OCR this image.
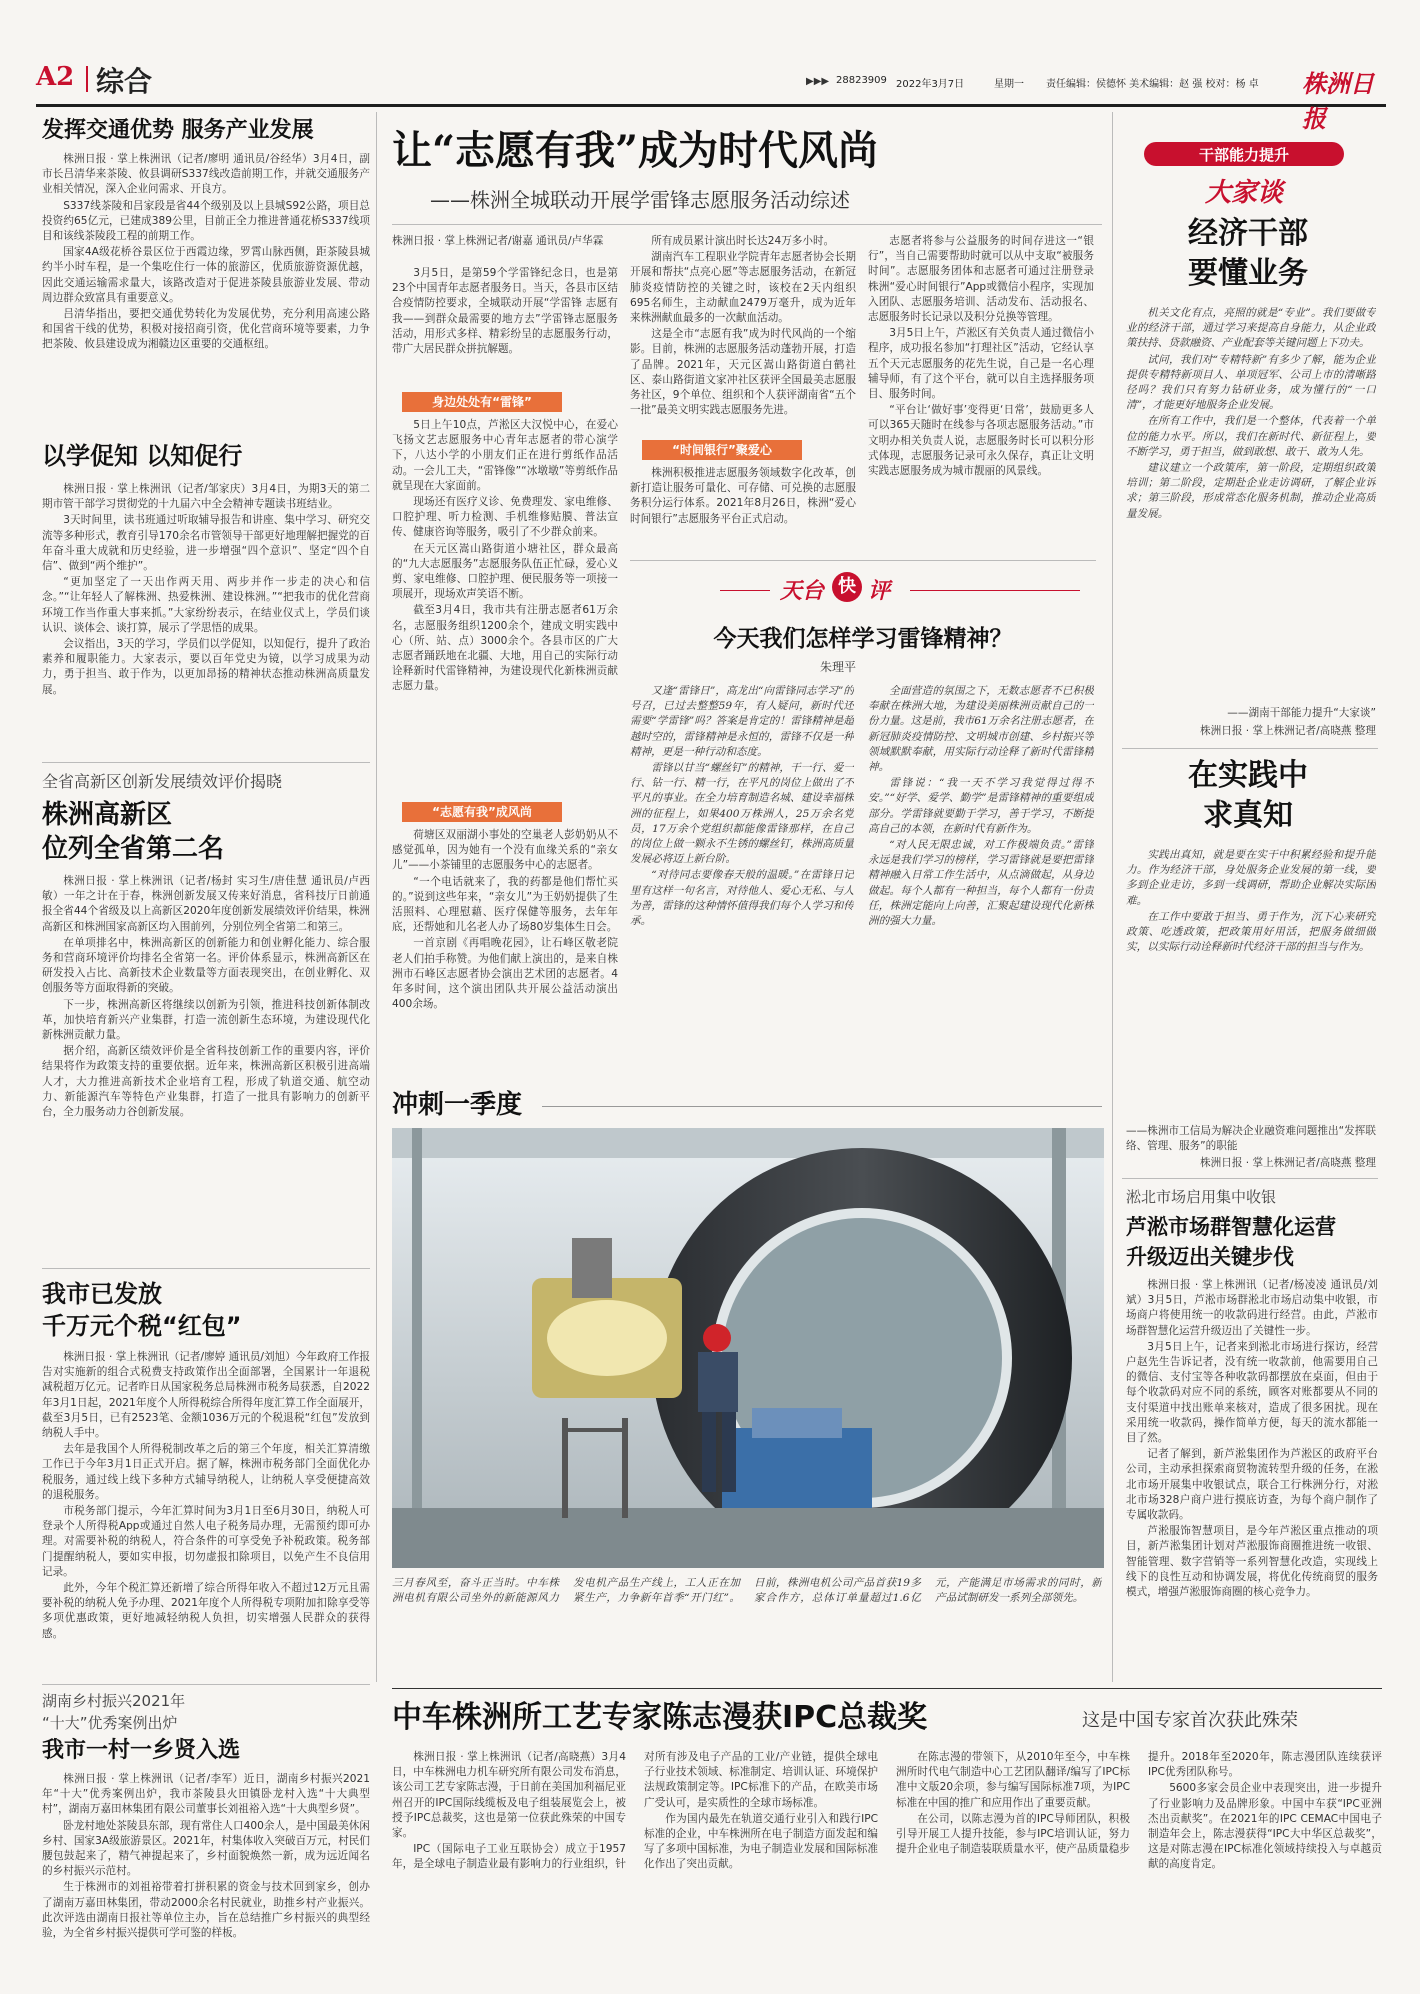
A2 综合	▶▶▶ 28823909 2022年3月7日	星期一 责任编辑：侯德怀 美术编辑：赵 强 校对：杨 卓 株洲日报
发挥交通优势 服务产业发展

株洲日报 · 掌上株洲讯（记者/廖明 通讯员/谷经华）3月4日，副市长吕清华来茶陵、攸县调研S337线改造前期工作，并就交通服务产业相关情况，深入企业问需求、开良方。

S337线茶陵和吕家段是省44个级别及以上县城S92公路，项目总投资约65亿元，已建成389公里，目前正全力推进普通花桥S337线项目和该线茶陵段工程的前期工作。

国家4A级花桥谷景区位于西霞边缘，罗霄山脉西侧，距茶陵县城约半小时车程，是一个集吃住行一体的旅游区，优质旅游资源优越，因此交通运输需求量大，该路改造对于促进茶陵县旅游业发展、带动周边群众致富具有重要意义。

吕清华指出，要把交通优势转化为发展优势，充分利用高速公路和国省干线的优势，积极对接招商引资，优化营商环境等要素，力争把茶陵、攸县建设成为湘赣边区重要的交通枢纽。

以学促知 以知促行

株洲日报 · 掌上株洲讯（记者/邹家庆）3月4日，为期3天的第二期市管干部学习贯彻党的十九届六中全会精神专题读书班结业。

3天时间里，读书班通过听取辅导报告和讲座、集中学习、研究交流等多种形式，教育引导170余名市管领导干部更好地理解把握党的百年奋斗重大成就和历史经验，进一步增强“四个意识”、坚定“四个自信”、做到“两个维护”。

“更加坚定了一天出作两天用、两步并作一步走的决心和信念。”“让年轻人了解株洲、热爱株洲、建设株洲。”“把我市的优化营商环境工作当作重大事来抓。”大家纷纷表示，在结业仪式上，学员们谈认识、谈体会、谈打算，展示了学思悟的成果。

会议指出，3天的学习，学员们以学促知，以知促行，提升了政治素养和履职能力。大家表示，要以百年党史为镜，以学习成果为动力，勇于担当、敢于作为，以更加昂扬的精神状态推动株洲高质量发展。

全省高新区创新发展绩效评价揭晓
株洲高新区
位列全省第二名

株洲日报 · 掌上株洲讯（记者/杨封 实习生/唐佳慧 通讯员/卢西敏）一年之计在于春，株洲创新发展又传来好消息，省科技厅日前通报全省44个省级及以上高新区2020年度创新发展绩效评价结果，株洲高新区和株洲国家高新区均入围前列，分别位列全省第二和第三。

在单项排名中，株洲高新区的创新能力和创业孵化能力、综合服务和营商环境评价均排名全省第一名。评价体系显示，株洲高新区在研发投入占比、高新技术企业数量等方面表现突出，在创业孵化、双创服务等方面取得新的突破。

下一步，株洲高新区将继续以创新为引领，推进科技创新体制改革，加快培育新兴产业集群，打造一流创新生态环境，为建设现代化新株洲贡献力量。

据介绍，高新区绩效评价是全省科技创新工作的重要内容，评价结果将作为政策支持的重要依据。近年来，株洲高新区积极引进高端人才，大力推进高新技术企业培育工程，形成了轨道交通、航空动力、新能源汽车等特色产业集群，打造了一批具有影响力的创新平台，全力服务动力谷创新发展。

我市已发放
千万元个税“红包”

株洲日报 · 掌上株洲讯（记者/廖婷 通讯员/刘旭）今年政府工作报告对实施新的组合式税费支持政策作出全面部署，全国累计一年退税减税超万亿元。记者昨日从国家税务总局株洲市税务局获悉，自2022年3月1日起，2021年度个人所得税综合所得年度汇算工作全面展开，截至3月5日，已有2523笔、金额1036万元的个税退税“红包”发放到纳税人手中。

去年是我国个人所得税制改革之后的第三个年度，相关汇算清缴工作已于今年3月1日正式开启。据了解，株洲市税务部门全面优化办税服务，通过线上线下多种方式辅导纳税人，让纳税人享受便捷高效的退税服务。

市税务部门提示，今年汇算时间为3月1日至6月30日，纳税人可登录个人所得税App或通过自然人电子税务局办理，无需预约即可办理。对需要补税的纳税人，符合条件的可享受免予补税政策。税务部门提醒纳税人，要如实申报，切勿虚报扣除项目，以免产生不良信用记录。

此外，今年个税汇算还新增了综合所得年收入不超过12万元且需要补税的纳税人免予办理、2021年度个人所得税专项附加扣除享受等多项优惠政策，更好地减轻纳税人负担，切实增强人民群众的获得感。

湖南乡村振兴2021年
“十大”优秀案例出炉
我市一村一乡贤入选

株洲日报 · 掌上株洲讯（记者/李军）近日，湖南乡村振兴2021年“十大”优秀案例出炉，我市茶陵县火田镇卧龙村入选“十大典型村”，湖南万嘉田林集团有限公司董事长刘祖裕入选“十大典型乡贤”。

卧龙村地处茶陵县东部，现有常住人口400余人，是中国最美休闲乡村、国家3A级旅游景区。2021年，村集体收入突破百万元，村民们腰包鼓起来了，精气神提起来了，乡村面貌焕然一新，成为远近闻名的乡村振兴示范村。

生于株洲市的刘祖裕带着打拼积累的资金与技术回到家乡，创办了湖南万嘉田林集团，带动2000余名村民就业，助推乡村产业振兴。此次评选由湖南日报社等单位主办，旨在总结推广乡村振兴的典型经验，为全省乡村振兴提供可学可鉴的样板。

让“志愿有我”成为时代风尚
——株洲全城联动开展学雷锋志愿服务活动综述
株洲日报 · 掌上株洲记者/谢嘉 通讯员/卢华霖

3月5日，是第59个学雷锋纪念日，也是第23个中国青年志愿者服务日。当天，各县市区结合疫情防控要求，全城联动开展“学雷锋 志愿有我——到群众最需要的地方去”学雷锋志愿服务活动，用形式多样、精彩纷呈的志愿服务行动，带广大居民群众拼抗解题。

身边处处有“雷锋”

5日上午10点，芦淞区大汉悦中心，在爱心飞扬文艺志愿服务中心青年志愿者的带心演学下，八达小学的小朋友们正在进行剪纸作品活动。一会儿工夫，“雷锋像”“冰墩墩”等剪纸作品就呈现在大家面前。

现场还有医疗义诊、免费理发、家电维修、口腔护理、听力检测、手机维修贴膜、普法宣传、健康咨询等服务，吸引了不少群众前来。

在天元区嵩山路街道小塘社区，群众最高的“九大志愿服务”志愿服务队伍正忙碌，爱心义剪、家电维修、口腔护理、便民服务等一项接一项展开，现场欢声笑语不断。

截至3月4日，我市共有注册志愿者61万余名，志愿服务组织1200余个，建成文明实践中心（所、站、点）3000余个。各县市区的广大志愿者踊跃地在北疆、大地，用自己的实际行动诠释新时代雷锋精神，为建设现代化新株洲贡献志愿力量。

“志愿有我”成风尚

荷塘区双丽湖小事处的空巢老人彭奶奶从不感觉孤单，因为她有一个没有血缘关系的“亲女儿”——小茶铺里的志愿服务中心的志愿者。

“一个电话就来了，我的药都是他们帮忙买的。”说到这些年来，“亲女儿”为王奶奶提供了生活照料、心理慰藉、医疗保健等服务，去年年底，还帮她和儿名老人办了场80岁集体生日会。

一首京剧《再唱晚花园》，让石峰区敬老院老人们拍手称赞。为他们献上演出的，是来自株洲市石峰区志愿者协会演出艺术团的志愿者。4年多时间，这个演出团队共开展公益活动演出400余场。

所有成员累计演出时长达24万多小时。

湖南汽车工程职业学院青年志愿者协会长期开展和帮扶“点亮心愿”等志愿服务活动，在新冠肺炎疫情防控的关键之时，该校在2天内组织695名师生，主动献血2479万毫升，成为近年来株洲献血最多的一次献血活动。

这是全市“志愿有我”成为时代风尚的一个缩影。目前，株洲的志愿服务活动蓬勃开展，打造了品牌。2021年，天元区嵩山路街道白鹤社区、泰山路街道文家冲社区获评全国最美志愿服务社区，9个单位、组织和个人获评湖南省“五个一批”最美文明实践志愿服务先进。

“时间银行”聚爱心

株洲积极推进志愿服务领域数字化改革，创新打造让服务可量化、可存储、可兑换的志愿服务积分运行体系。2021年8月26日，株洲“爱心时间银行”志愿服务平台正式启动。

志愿者将参与公益服务的时间存进这一“银行”，当自己需要帮助时就可以从中支取“被服务时间”。志愿服务团体和志愿者可通过注册登录株洲“爱心时间银行”App或微信小程序，实现加入团队、志愿服务培训、活动发布、活动报名、志愿服务时长记录以及积分兑换等管理。

3月5日上午，芦淞区有关负责人通过微信小程序，成功报名参加“打理社区”活动，它经认享五个天元志愿服务的花先生说，自己是一名心理辅导师，有了这个平台，就可以自主选择服务项目、服务时间。

“平台让‘做好事’变得更‘日常’，鼓励更多人可以365天随时在线参与各项志愿服务活动。”市文明办相关负责人说，志愿服务时长可以积分形式体现，志愿服务记录可永久保存，真正让文明实践志愿服务成为城市靓丽的风景线。

天台 快 评
今天我们怎样学习雷锋精神？
朱理平

又逢“雷锋日”，高龙出“向雷锋同志学习”的号召，已过去整整59年，有人疑问，新时代还需要“学雷锋”吗？答案是肯定的！雷锋精神是超越时空的，雷锋精神是永恒的，雷锋不仅是一种精神，更是一种行动和态度。

雷锋以甘当“螺丝钉”的精神，干一行、爱一行、钻一行、精一行，在平凡的岗位上做出了不平凡的事业。在全力培育制造名城、建设幸福株洲的征程上，如果400万株洲人，25万余名党员，17万余个党组织都能像雷锋那样，在自己的岗位上做一颗永不生锈的螺丝钉，株洲高质量发展必将迈上新台阶。

“对待同志要像春天般的温暖。”在雷锋日记里有这样一句名言，对待他人、爱心无私、与人为善，雷锋的这种情怀值得我们每个人学习和传承。

全面营造的氛围之下，无数志愿者不已积极奉献在株洲大地，为建设美丽株洲贡献自己的一份力量。这是前，我市61万余名注册志愿者，在新冠肺炎疫情防控、文明城市创建、乡村振兴等领域默默奉献，用实际行动诠释了新时代雷锋精神。

雷锋说：“我一天不学习我觉得过得不安。”“好学、爱学、勤学”是雷锋精神的重要组成部分。学雷锋就要勤于学习，善于学习，不断提高自己的本领，在新时代有新作为。

“对人民无限忠诚，对工作极端负责。”雷锋永远是我们学习的榜样，学习雷锋就是要把雷锋精神融入日常工作生活中，从点滴做起，从身边做起。每个人都有一种担当，每个人都有一份责任，株洲定能向上向善，汇聚起建设现代化新株洲的强大力量。

冲刺一季度
三月春风至，奋斗正当时。中车株洲电机有限公司坐外的新能源风力发电机产品生产线上，工人正在加紧生产，力争新年首季“开门红”。日前，株洲电机公司产品首获19多家合作方，总体订单量超过1.6亿元，产能满足市场需求的同时，新产品试制研发一系列全部领先。
干部能力提升
大家谈
经济干部
要懂业务

机关文化有点，亮照的就是“专业”。我们要做专业的经济干部，通过学习来提高自身能力，从企业政策扶持、贷款融资、产业配套等关键问题上下功夫。

试问，我们对“专精特新”有多少了解，能为企业提供专精特新项目人、单项冠军、公司上市的清晰路径吗？我们只有努力钻研业务，成为懂行的“一口清”，才能更好地服务企业发展。

在所有工作中，我们是一个整体，代表着一个单位的能力水平。所以，我们在新时代、新征程上，要不断学习，勇于担当，做到敢想、敢干、敢为人先。

建议建立一个政策库，第一阶段，定期组织政策培训；第二阶段，定期赴企业走访调研，了解企业诉求；第三阶段，形成常态化服务机制，推动企业高质量发展。

——湖南干部能力提升“大家谈”
株洲日报 · 掌上株洲记者/高晓燕 整理
在实践中
求真知

实践出真知，就是要在实干中积累经验和提升能力。作为经济干部，身处服务企业发展的第一线，要多到企业走访，多到一线调研，帮助企业解决实际困难。

在工作中要敢于担当、勇于作为，沉下心来研究政策、吃透政策，把政策用好用活，把服务做细做实，以实际行动诠释新时代经济干部的担当与作为。

——株洲市工信局为解决企业融资难问题推出“发挥联络、管理、服务”的职能
株洲日报 · 掌上株洲记者/高晓燕 整理
淞北市场启用集中收银
芦淞市场群智慧化运营
升级迈出关键步伐

株洲日报 · 掌上株洲讯（记者/杨凌凌 通讯员/刘斌）3月5日，芦淞市场群淞北市场启动集中收银，市场商户将使用统一的收款码进行经营。由此，芦淞市场群智慧化运营升级迈出了关键性一步。

3月5日上午，记者来到淞北市场进行探访，经营户赵先生告诉记者，没有统一收款前，他需要用自己的微信、支付宝等各种收款码都摆放在桌面，但由于每个收款码对应不同的系统，顾客对账都要从不同的支付渠道中找出账单来核对，造成了很多困扰。现在采用统一收款码，操作简单方便，每天的流水都能一目了然。

记者了解到，新芦淞集团作为芦淞区的政府平台公司，主动承担探索商贸物流转型升级的任务，在淞北市场开展集中收银试点，联合工行株洲分行，对淞北市场328户商户进行摸底访查，为每个商户制作了专属收款码。

芦淞服饰智慧项目，是今年芦淞区重点推动的项目，新芦淞集团计划对芦淞服饰商圈推进统一收银、智能管理、数字营销等一系列智慧化改造，实现线上线下的良性互动和协调发展，将优化传统商贸的服务模式，增强芦淞服饰商圈的核心竞争力。

中车株洲所工艺专家陈志漫获IPC总裁奖	这是中国专家首次获此殊荣

株洲日报 · 掌上株洲讯（记者/高晓燕）3月4日，中车株洲电力机车研究所有限公司发布消息，该公司工艺专家陈志漫，于日前在美国加利福尼亚州召开的IPC国际线缆板及电子组装展览会上，被授予IPC总裁奖，这也是第一位获此殊荣的中国专家。

IPC（国际电子工业互联协会）成立于1957年，是全球电子制造业最有影响力的行业组织，针对所有涉及电子产品的工业/产业链，提供全球电子行业技术领域、标准制定、培训认证、环境保护法规政策制定等。IPC标准下的产品，在欧美市场广受认可，是实质性的全球市场标准。

作为国内最先在轨道交通行业引入和践行IPC标准的企业，中车株洲所在电子制造方面发起和编写了多项中国标准，为电子制造业发展和国际标准化作出了突出贡献。

在陈志漫的带领下，从2010年至今，中车株洲所时代电气制造中心工艺团队翻译/编写了IPC标准中文版20余项，参与编写国际标准7项，为IPC标准在中国的推广和应用作出了重要贡献。

在公司，以陈志漫为首的IPC导师团队，积极引导开展工人提升技能，参与IPC培训认证，努力提升企业电子制造装联质量水平，使产品质量稳步提升。2018年至2020年，陈志漫团队连续获评IPC优秀团队称号。

5600多家会员企业中表现突出，进一步提升了行业影响力及品牌形象。中国中车获“IPC亚洲杰出贡献奖”。在2021年的IPC CEMAC中国电子制造年会上，陈志漫获得“IPC大中华区总裁奖”，这是对陈志漫在IPC标准化领域持续投入与卓越贡献的高度肯定。
